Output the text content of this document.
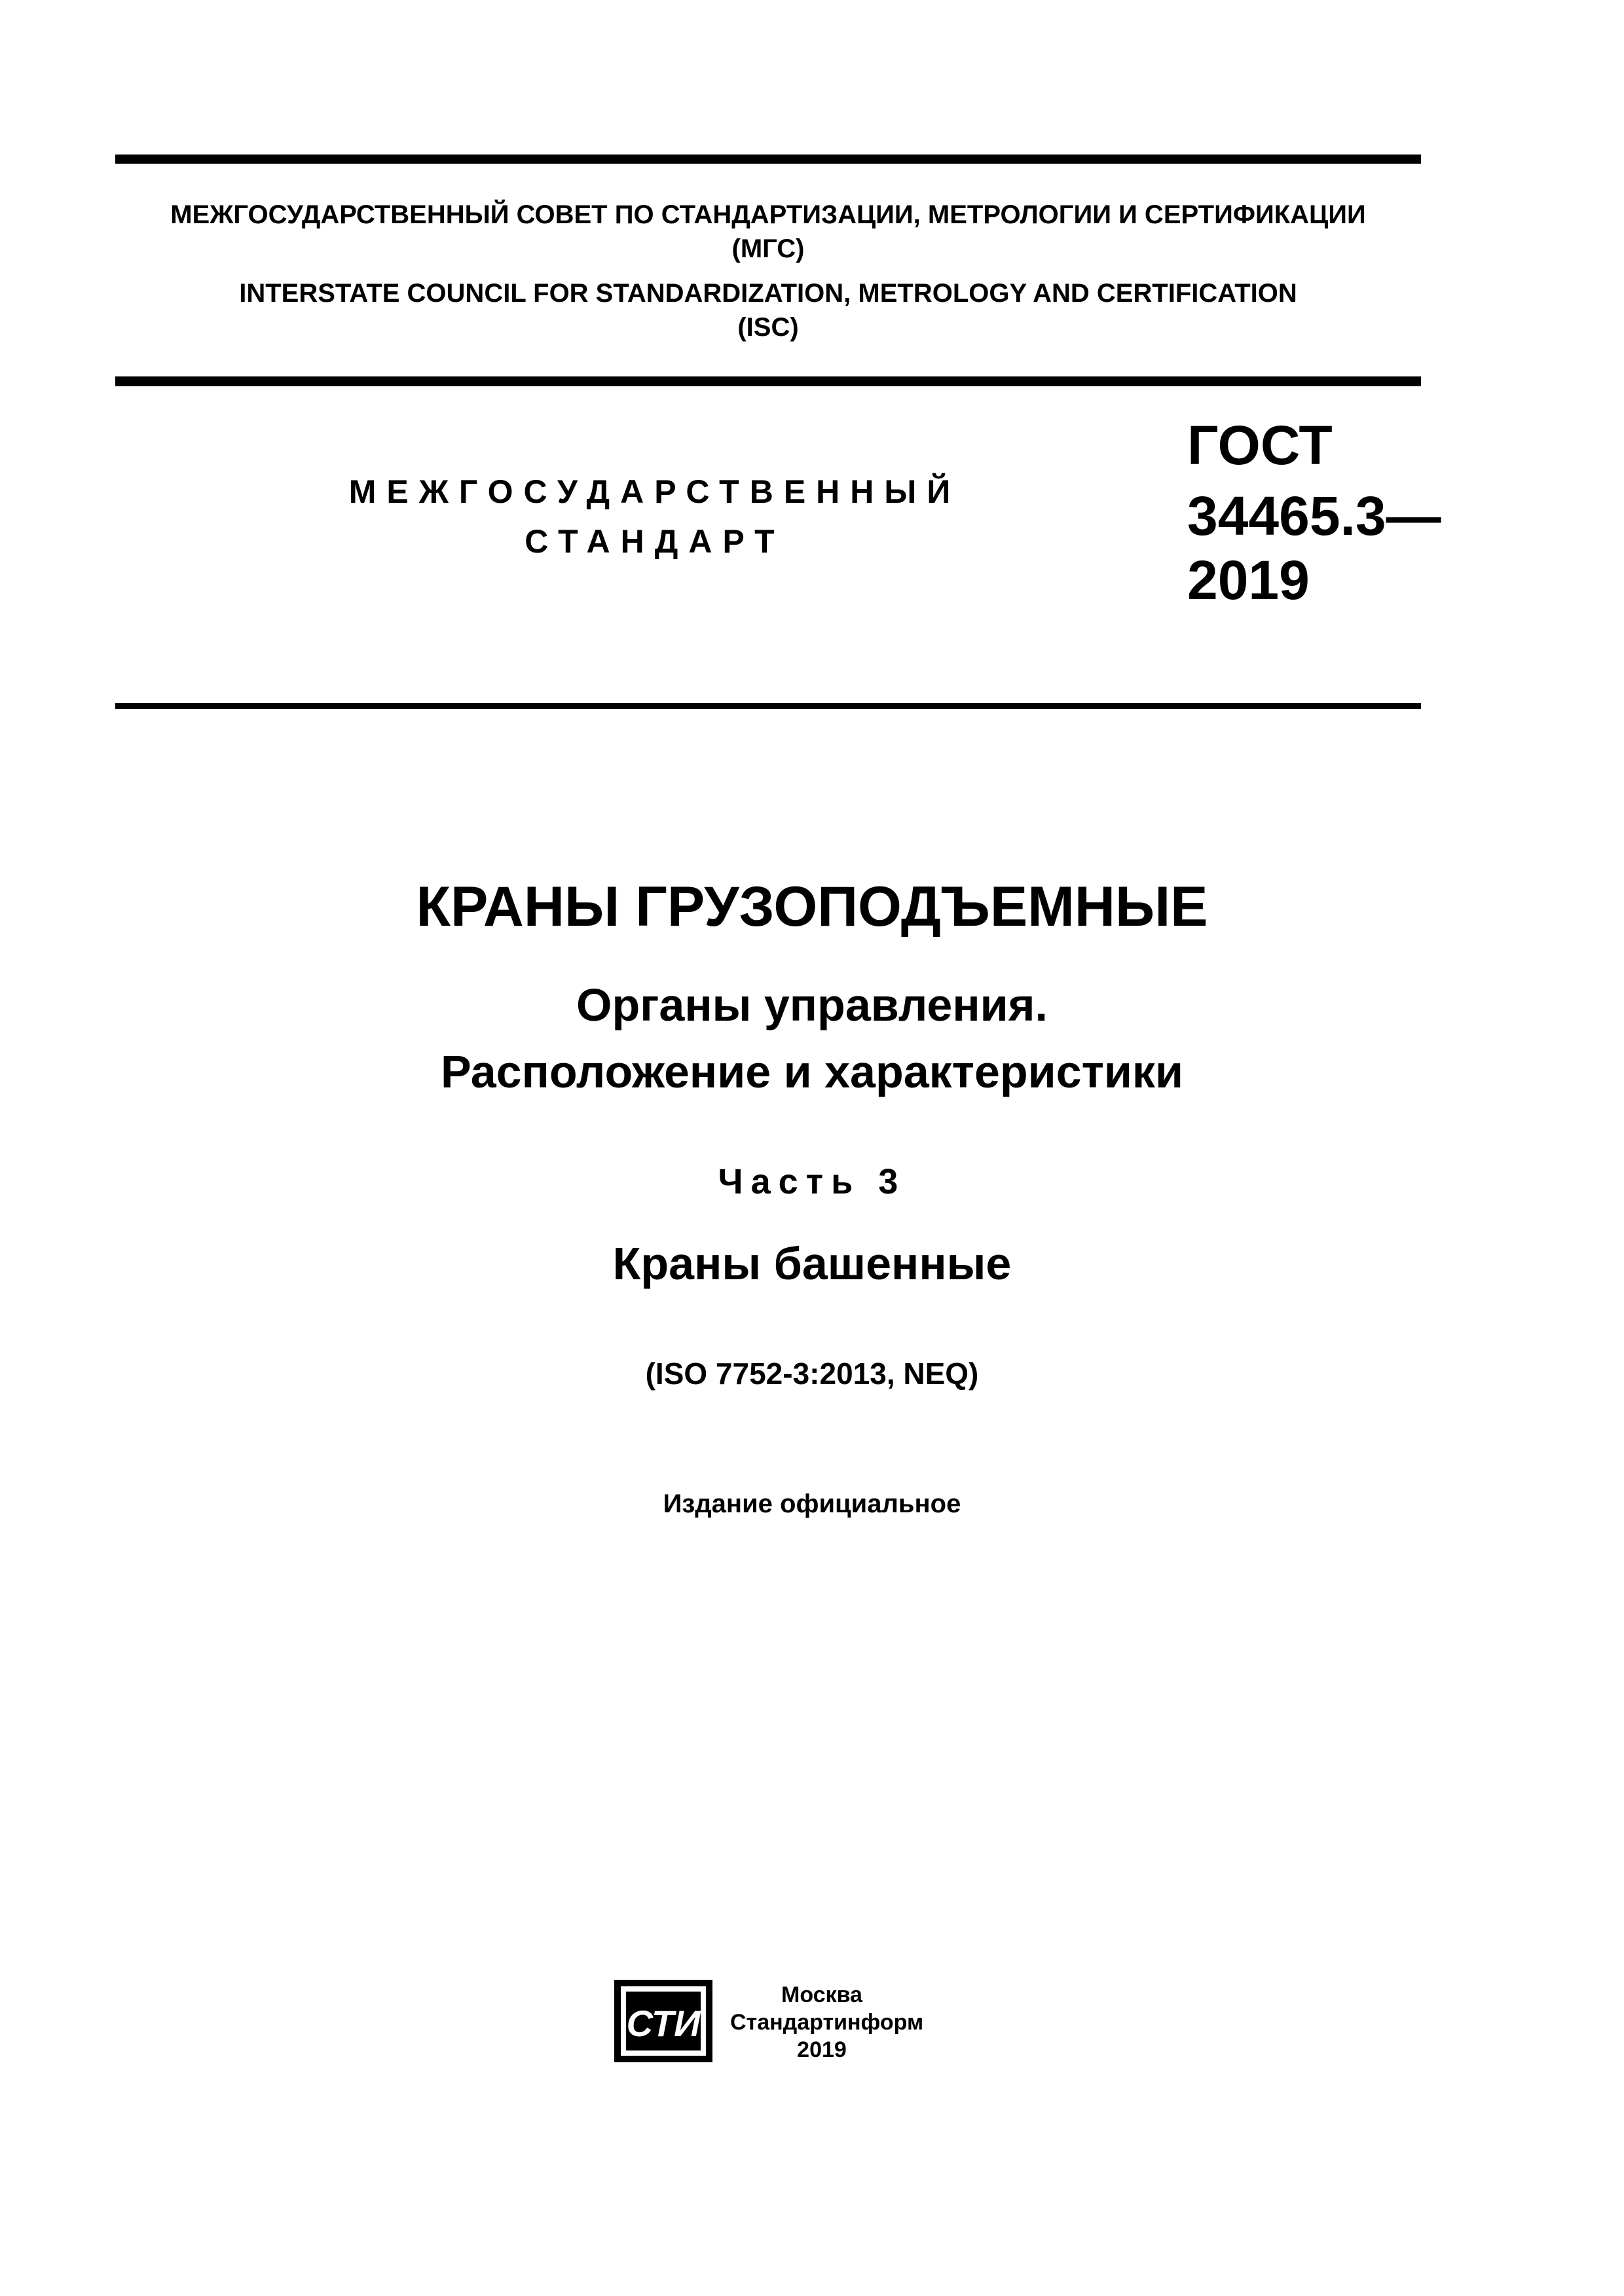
МЕЖГОСУДАРСТВЕННЫЙ СОВЕТ ПО СТАНДАРТИЗАЦИИ, МЕТРОЛОГИИ И СЕРТИФИКАЦИИ
(МГС)
INTERSTATE COUNCIL FOR STANDARDIZATION, METROLOGY AND CERTIFICATION
(ISC)
МЕЖГОСУДАРСТВЕННЫЙ
СТАНДАРТ
ГОСТ
34465.3—
2019
КРАНЫ ГРУЗОПОДЪЕМНЫЕ
Органы управления.
Расположение и характеристики
Часть 3
Краны башенные
(ISO 7752-3:2013, NEQ)
Издание официальное
СТИ
Москва
Стандартинформ
2019
